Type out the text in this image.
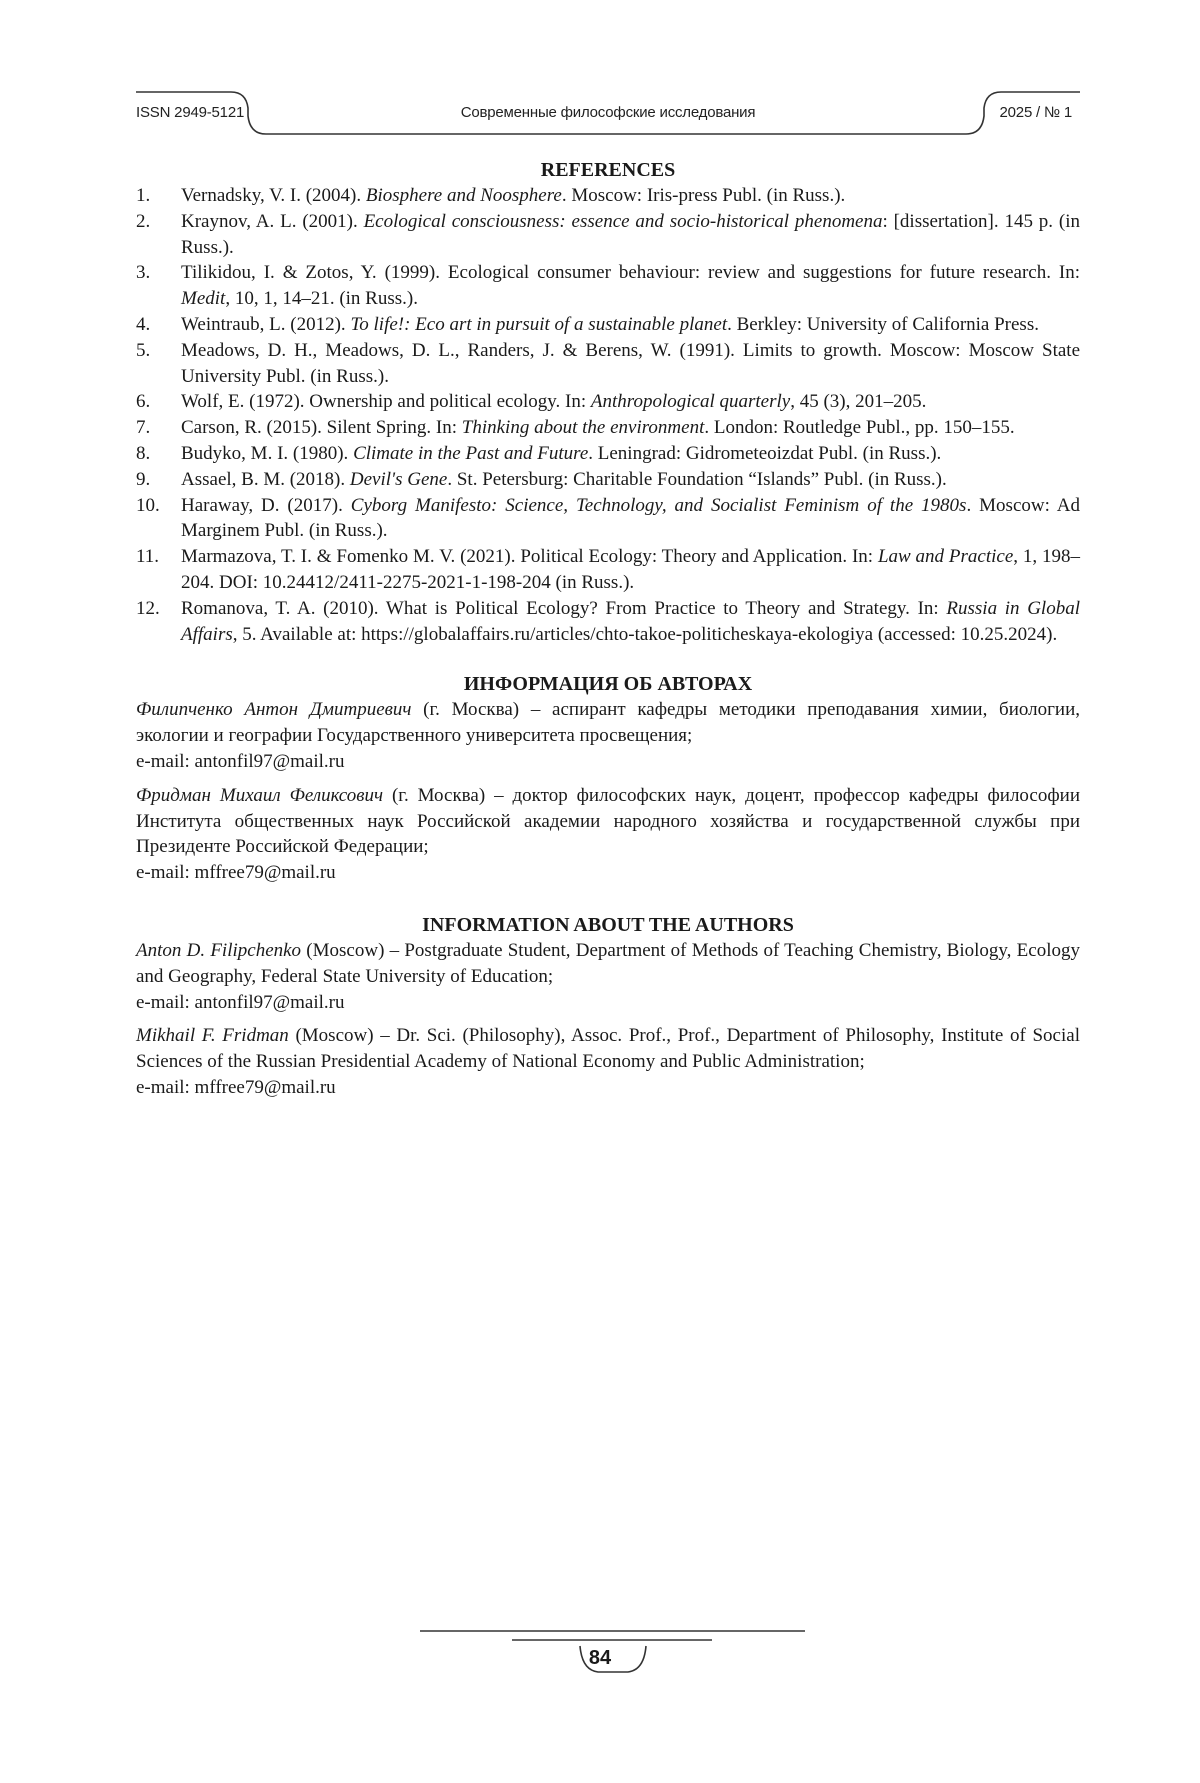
ISSN 2949-5121	Современные философские исследования	2025 / № 1
REFERENCES
1. Vernadsky, V. I. (2004). Biosphere and Noosphere. Moscow: Iris-press Publ. (in Russ.).
2. Kraynov, A. L. (2001). Ecological consciousness: essence and socio-historical phenomena: [dissertation]. 145 p. (in Russ.).
3. Tilikidou, I. & Zotos, Y. (1999). Ecological consumer behaviour: review and suggestions for future research. In: Medit, 10, 1, 14–21. (in Russ.).
4. Weintraub, L. (2012). To life!: Eco art in pursuit of a sustainable planet. Berkley: University of California Press.
5. Meadows, D. H., Meadows, D. L., Randers, J. & Berens, W. (1991). Limits to growth. Moscow: Moscow State University Publ. (in Russ.).
6. Wolf, E. (1972). Ownership and political ecology. In: Anthropological quarterly, 45 (3), 201–205.
7. Carson, R. (2015). Silent Spring. In: Thinking about the environment. London: Routledge Publ., pp. 150–155.
8. Budyko, M. I. (1980). Climate in the Past and Future. Leningrad: Gidrometeoizdat Publ. (in Russ.).
9. Assael, B. M. (2018). Devil's Gene. St. Petersburg: Charitable Foundation “Islands” Publ. (in Russ.).
10. Haraway, D. (2017). Cyborg Manifesto: Science, Technology, and Socialist Feminism of the 1980s. Moscow: Ad Marginem Publ. (in Russ.).
11. Marmazova, T. I. & Fomenko M. V. (2021). Political Ecology: Theory and Application. In: Law and Practice, 1, 198–204. DOI: 10.24412/2411-2275-2021-1-198-204 (in Russ.).
12. Romanova, T. A. (2010). What is Political Ecology? From Practice to Theory and Strategy. In: Russia in Global Affairs, 5. Available at: https://globalaffairs.ru/articles/chto-takoe-politicheskaya-ekologiya (accessed: 10.25.2024).
ИНФОРМАЦИЯ ОБ АВТОРАХ
Филипченко Антон Дмитриевич (г. Москва) – аспирант кафедры методики преподавания химии, биологии, экологии и географии Государственного университета просвещения;
e-mail: antonfil97@mail.ru
Фридман Михаил Феликсович (г. Москва) – доктор философских наук, доцент, профессор кафедры философии Института общественных наук Российской академии народного хозяйства и государственной службы при Президенте Российской Федерации;
e-mail: mffree79@mail.ru
INFORMATION ABOUT THE AUTHORS
Anton D. Filipchenko (Moscow) – Postgraduate Student, Department of Methods of Teaching Chemistry, Biology, Ecology and Geography, Federal State University of Education;
e-mail: antonfil97@mail.ru
Mikhail F. Fridman (Moscow) – Dr. Sci. (Philosophy), Assoc. Prof., Prof., Department of Philosophy, Institute of Social Sciences of the Russian Presidential Academy of National Economy and Public Administration;
e-mail: mffree79@mail.ru
84
